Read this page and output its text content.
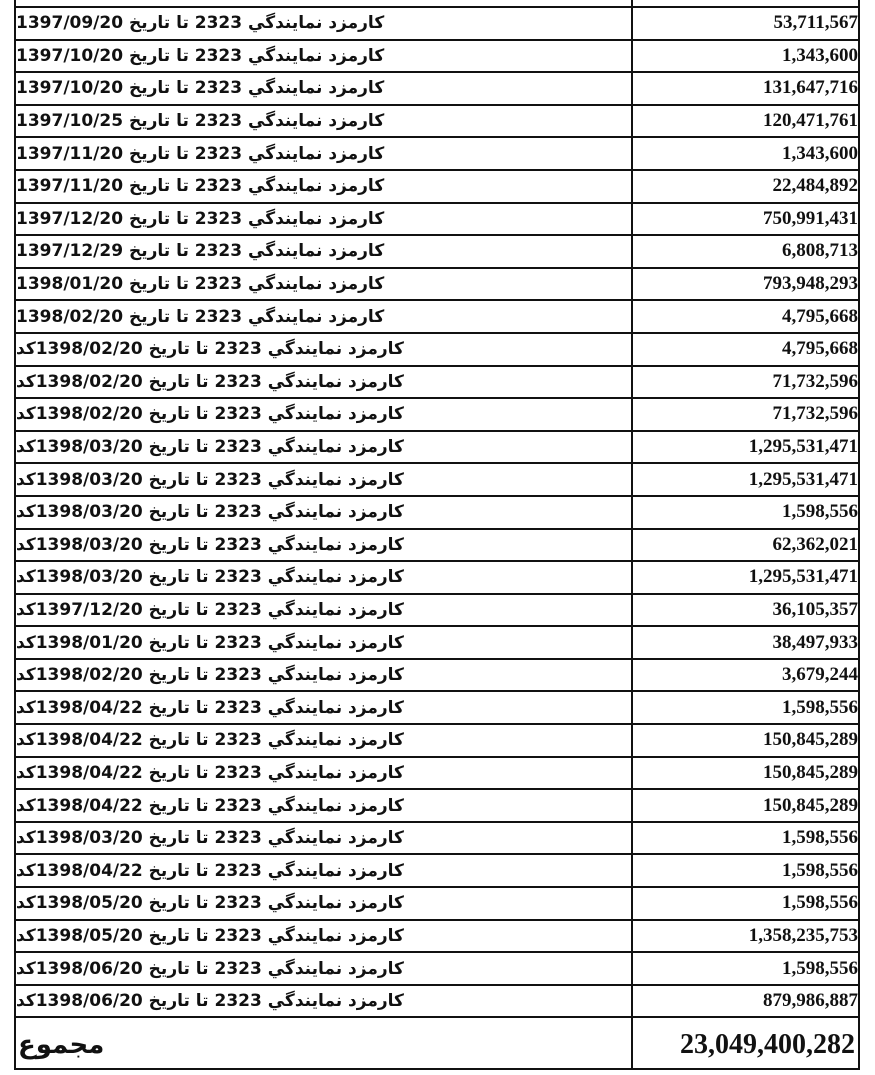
كارمزد نمايندگي 2323 تا تاريخ 1397/09/20	53,711,567
كارمزد نمايندگي 2323 تا تاريخ 1397/10/20	1,343,600
كارمزد نمايندگي 2323 تا تاريخ 1397/10/20	131,647,716
كارمزد نمايندگي 2323 تا تاريخ 1397/10/25	120,471,761
كارمزد نمايندگي 2323 تا تاريخ 1397/11/20	1,343,600
كارمزد نمايندگي 2323 تا تاريخ 1397/11/20	22,484,892
كارمزد نمايندگي 2323 تا تاريخ 1397/12/20	750,991,431
كارمزد نمايندگي 2323 تا تاريخ 1397/12/29	6,808,713
كارمزد نمايندگي 2323 تا تاريخ 1398/01/20	793,948,293
كارمزد نمايندگي 2323 تا تاريخ 1398/02/20	4,795,668
كارمزد نمايندگي 2323 تا تاريخ 1398/02/20كد	4,795,668
كارمزد نمايندگي 2323 تا تاريخ 1398/02/20كد	71,732,596
كارمزد نمايندگي 2323 تا تاريخ 1398/02/20كد	71,732,596
كارمزد نمايندگي 2323 تا تاريخ 1398/03/20كد	1,295,531,471
كارمزد نمايندگي 2323 تا تاريخ 1398/03/20كد	1,295,531,471
كارمزد نمايندگي 2323 تا تاريخ 1398/03/20كد	1,598,556
كارمزد نمايندگي 2323 تا تاريخ 1398/03/20كد	62,362,021
كارمزد نمايندگي 2323 تا تاريخ 1398/03/20كد	1,295,531,471
كارمزد نمايندگي 2323 تا تاريخ 1397/12/20كد	36,105,357
كارمزد نمايندگي 2323 تا تاريخ 1398/01/20كد	38,497,933
كارمزد نمايندگي 2323 تا تاريخ 1398/02/20كد	3,679,244
كارمزد نمايندگي 2323 تا تاريخ 1398/04/22كد	1,598,556
كارمزد نمايندگي 2323 تا تاريخ 1398/04/22كد	150,845,289
كارمزد نمايندگي 2323 تا تاريخ 1398/04/22كد	150,845,289
كارمزد نمايندگي 2323 تا تاريخ 1398/04/22كد	150,845,289
كارمزد نمايندگي 2323 تا تاريخ 1398/03/20كد	1,598,556
كارمزد نمايندگي 2323 تا تاريخ 1398/04/22كد	1,598,556
كارمزد نمايندگي 2323 تا تاريخ 1398/05/20كد	1,598,556
كارمزد نمايندگي 2323 تا تاريخ 1398/05/20كد	1,358,235,753
كارمزد نمايندگي 2323 تا تاريخ 1398/06/20كد	1,598,556
كارمزد نمايندگي 2323 تا تاريخ 1398/06/20كد	879,986,887
مجموع	23,049,400,282
